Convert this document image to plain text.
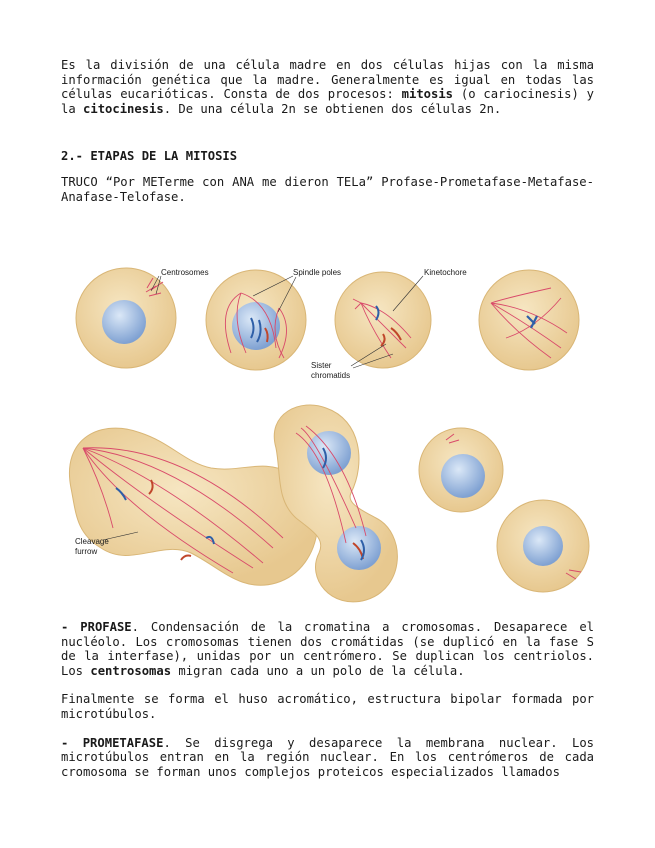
Es la división de una célula madre en dos células hijas con la misma información genética que la madre. Generalmente es igual en todas las células eucarióticas. Consta de dos procesos: mitosis (o cariocinesis) y la citocinesis. De una célula 2n se obtienen dos células 2n.

2.- ETAPAS DE LA MITOSIS

TRUCO “Por METerme con ANA me dieron TELa” Profase-Prometafase-Metafase-Anafase-Telofase.

Centrosomes	Spindle poles	Kinetochore
Sister
chromatids
Cleavage
furrow

- PROFASE. Condensación de la cromatina a cromosomas. Desaparece el nucléolo. Los cromosomas tienen dos cromátidas (se duplicó en la fase S de la interfase), unidas por un centrómero. Se duplican los centriolos. Los centrosomas migran cada uno a un polo de la célula.

Finalmente se forma el huso acromático, estructura bipolar formada por microtúbulos.

- PROMETAFASE. Se disgrega y desaparece la membrana nuclear. Los microtúbulos entran en la región nuclear. En los centrómeros de cada cromosoma se forman unos complejos proteicos especializados llamados
